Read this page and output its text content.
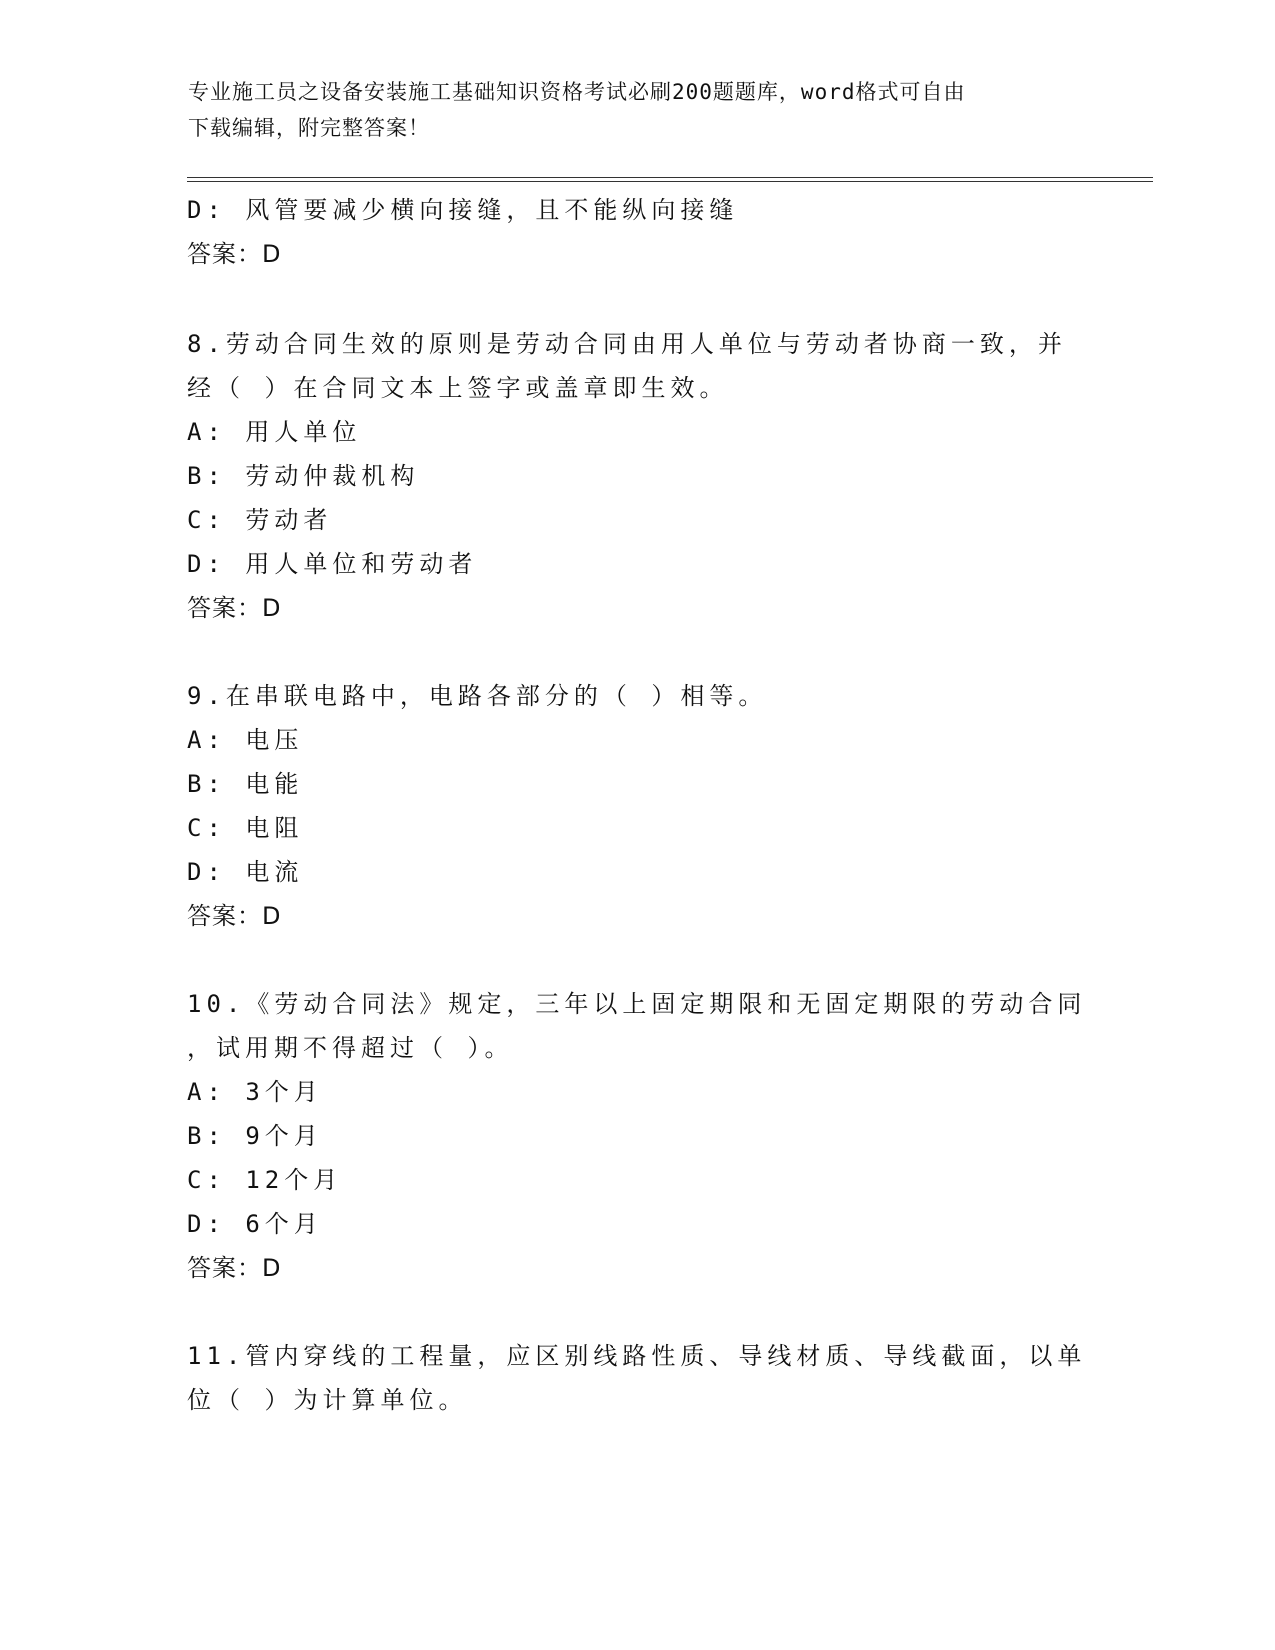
专业施工员之设备安装施工基础知识资格考试必刷200题题库，word格式可自由
下载编辑，附完整答案！
D: 风管要减少横向接缝，且不能纵向接缝
答案：D
8.劳动合同生效的原则是劳动合同由用人单位与劳动者协商一致，并
经（ ）在合同文本上签字或盖章即生效。
A: 用人单位
B: 劳动仲裁机构
C: 劳动者
D: 用人单位和劳动者
答案：D
9.在串联电路中，电路各部分的（ ）相等。
A: 电压
B: 电能
C: 电阻
D: 电流
答案：D
10.《劳动合同法》规定，三年以上固定期限和无固定期限的劳动合同
，试用期不得超过（ ）。
A: 3个月
B: 9个月
C: 12个月
D: 6个月
答案：D
11.管内穿线的工程量，应区别线路性质、导线材质、导线截面，以单
位（ ）为计算单位。
